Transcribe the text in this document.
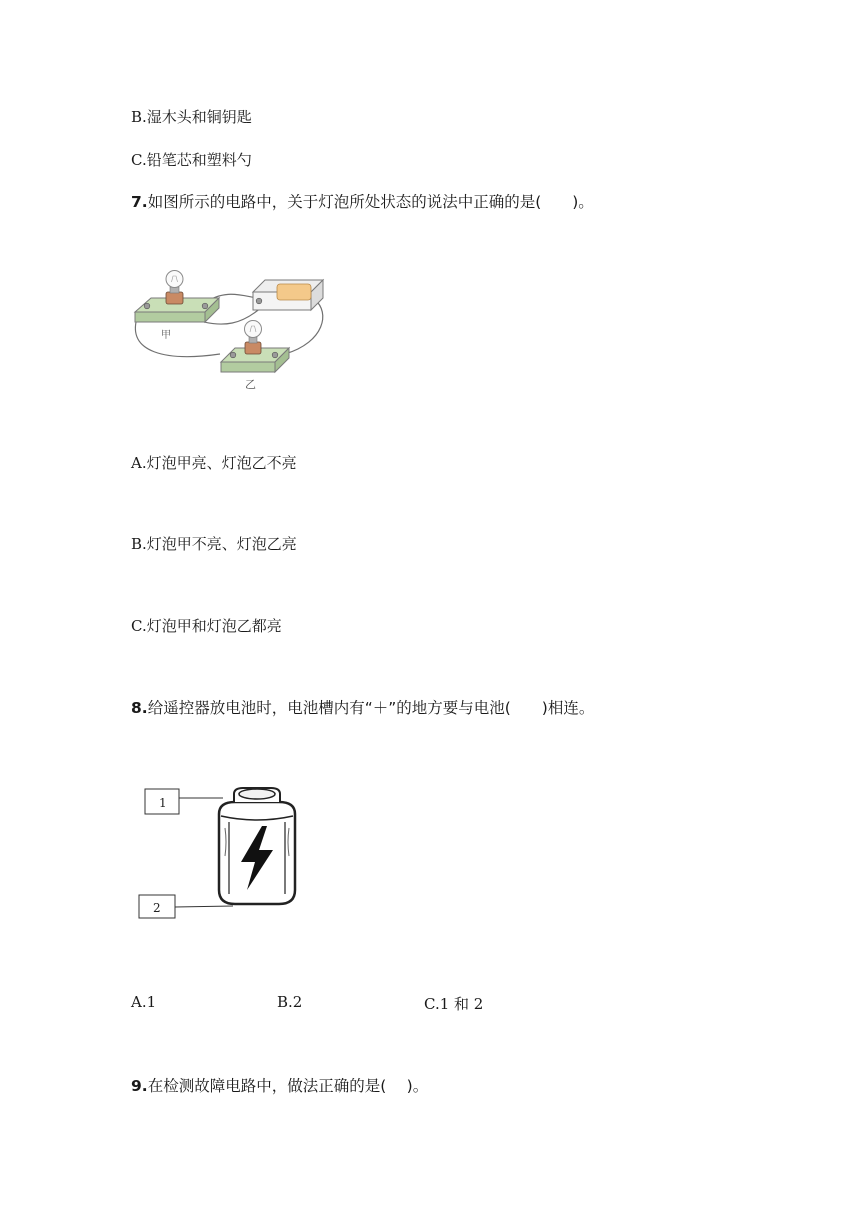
B.湿木头和铜钥匙
C.铅笔芯和塑料勺
7.如图所示的电路中，关于灯泡所处状态的说法中正确的是(　　)。
甲
乙
A.灯泡甲亮、灯泡乙不亮
B.灯泡甲不亮、灯泡乙亮
C.灯泡甲和灯泡乙都亮
8.给遥控器放电池时，电池槽内有“＋”的地方要与电池(　　)相连。
1
2
A.1	B.2	C.1 和 2
9.在检测故障电路中，做法正确的是(　 )。
